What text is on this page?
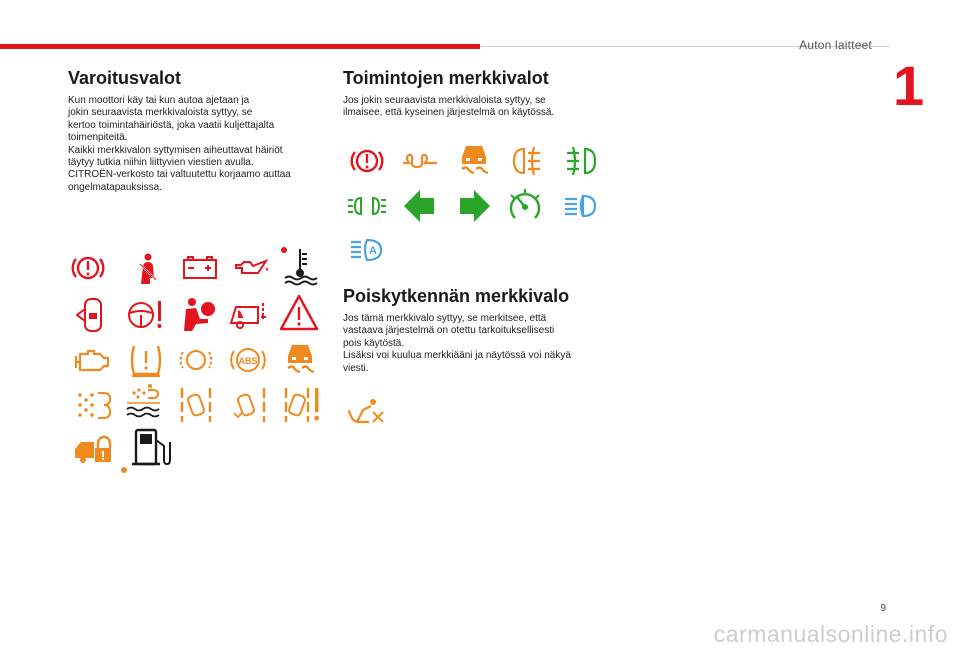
Auton laitteet
1
Varoitusvalot
Kun moottori käy tai kun autoa ajetaan ja
jokin seuraavista merkkivaloista syttyy, se
kertoo toimintahäiriöstä, joka vaatii kuljettajalta
toimenpiteitä.
Kaikki merkkivalon syttymisen aiheuttavat häiriöt
täytyy tutkia niihin liittyvien viestien avulla.
CITROËN-verkosto tai valtuutettu korjaamo auttaa
ongelmatapauksissa.
ABS
Toimintojen merkkivalot
Jos jokin seuraavista merkkivaloista syttyy, se
ilmaisee, että kyseinen järjestelmä on käytössä.
A
Poiskytkennän merkkivalo
Jos tämä merkkivalo syttyy, se merkitsee, että
vastaava järjestelmä on otettu tarkoituksellisesti
pois käytöstä.
Lisäksi voi kuulua merkkiääni ja näytössä voi näkyä
viesti.
9
carmanualsonline.info
